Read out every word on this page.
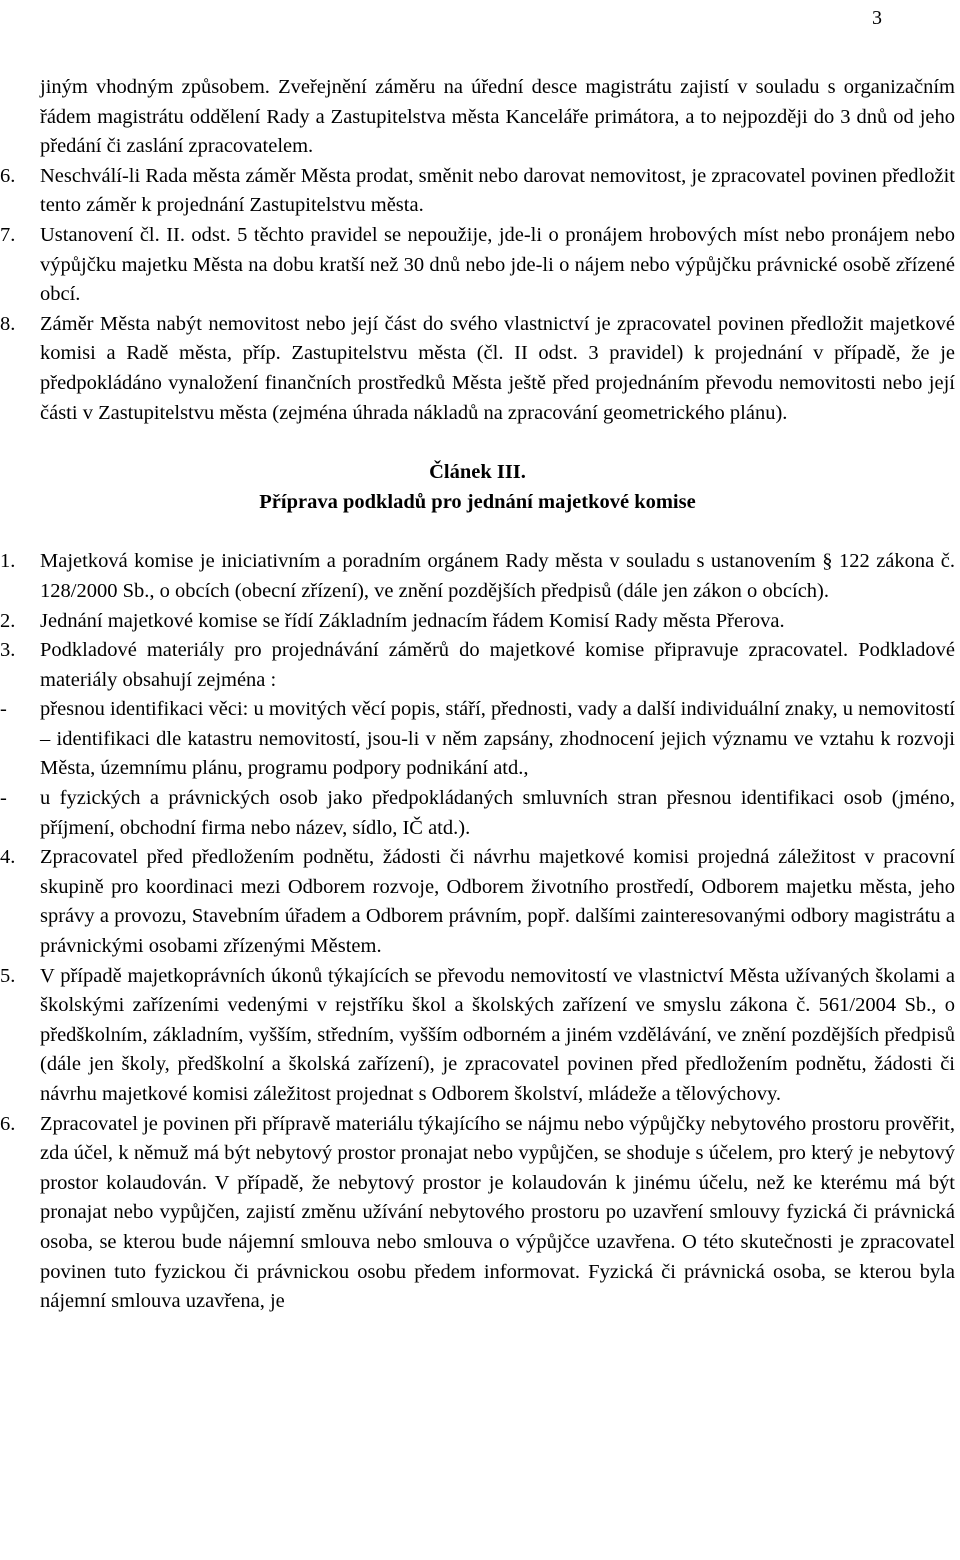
3

jiným vhodným způsobem. Zveřejnění záměru na úřední desce magistrátu zajistí v souladu s organizačním řádem magistrátu oddělení Rady a Zastupitelstva města Kanceláře primátora, a to nejpozději do 3 dnů od jeho předání či zaslání zpracovatelem.

6.	Neschválí-li Rada města záměr Města prodat, směnit nebo darovat nemovitost, je zpracovatel povinen předložit tento záměr k projednání Zastupitelstvu města.
7.	Ustanovení čl. II. odst. 5 těchto pravidel se nepoužije, jde-li o pronájem hrobových míst nebo pronájem nebo výpůjčku majetku Města na dobu kratší než 30 dnů nebo jde-li o nájem nebo výpůjčku právnické osobě zřízené obcí.
8.	Záměr Města nabýt nemovitost nebo její část do svého vlastnictví je zpracovatel povinen předložit majetkové komisi a Radě města, příp. Zastupitelstvu města (čl. II odst. 3 pravidel) k projednání v případě, že je předpokládáno vynaložení finančních prostředků Města ještě před projednáním převodu nemovitosti nebo její části v Zastupitelstvu města (zejména úhrada nákladů na zpracování geometrického plánu).

Článek III.

Příprava podkladů pro jednání majetkové komise

1.	Majetková komise je iniciativním a poradním orgánem Rady města v souladu s ustanovením § 122 zákona č. 128/2000 Sb., o obcích (obecní zřízení), ve znění pozdějších předpisů (dále jen zákon o obcích).
2.	Jednání majetkové komise se řídí Základním jednacím řádem Komisí Rady města Přerova.
3.	Podkladové materiály pro projednávání záměrů do majetkové komise připravuje zpracovatel. Podkladové materiály obsahují zejména :
-	přesnou identifikaci věci: u movitých věcí popis, stáří, přednosti, vady a další individuální znaky, u nemovitostí – identifikaci dle katastru nemovitostí, jsou-li v něm zapsány, zhodnocení jejich významu ve vztahu k rozvoji Města, územnímu plánu, programu podpory podnikání atd.,
-	u fyzických a právnických osob jako předpokládaných smluvních stran přesnou identifikaci osob (jméno, příjmení, obchodní firma nebo název, sídlo, IČ atd.).
4.	Zpracovatel před předložením podnětu, žádosti či návrhu majetkové komisi projedná záležitost v pracovní skupině pro koordinaci mezi Odborem rozvoje, Odborem životního prostředí, Odborem majetku města, jeho správy a provozu, Stavebním úřadem a Odborem právním, popř. dalšími zainteresovanými odbory magistrátu a právnickými osobami zřízenými Městem.
5.	V případě majetkoprávních úkonů týkajících se převodu nemovitostí ve vlastnictví Města užívaných školami a školskými zařízeními vedenými v rejstříku škol a školských zařízení ve smyslu zákona č. 561/2004 Sb., o předškolním, základním, vyšším, středním, vyšším odborném a jiném vzdělávání, ve znění pozdějších předpisů (dále jen školy, předškolní a školská zařízení), je zpracovatel povinen před předložením podnětu, žádosti či návrhu majetkové komisi záležitost projednat s Odborem školství, mládeže a tělovýchovy.
6.	Zpracovatel je povinen při přípravě materiálu týkajícího se nájmu nebo výpůjčky nebytového prostoru prověřit, zda účel, k němuž má být nebytový prostor pronajat nebo vypůjčen, se shoduje s účelem, pro který je nebytový prostor kolaudován. V případě, že nebytový prostor je kolaudován k jinému účelu, než ke kterému má být pronajat nebo vypůjčen, zajistí změnu užívání nebytového prostoru po uzavření smlouvy fyzická či právnická osoba, se kterou bude nájemní smlouva nebo smlouva o výpůjčce uzavřena. O této skutečnosti je zpracovatel povinen tuto fyzickou či právnickou osobu předem informovat. Fyzická či právnická osoba, se kterou byla nájemní smlouva uzavřena, je
